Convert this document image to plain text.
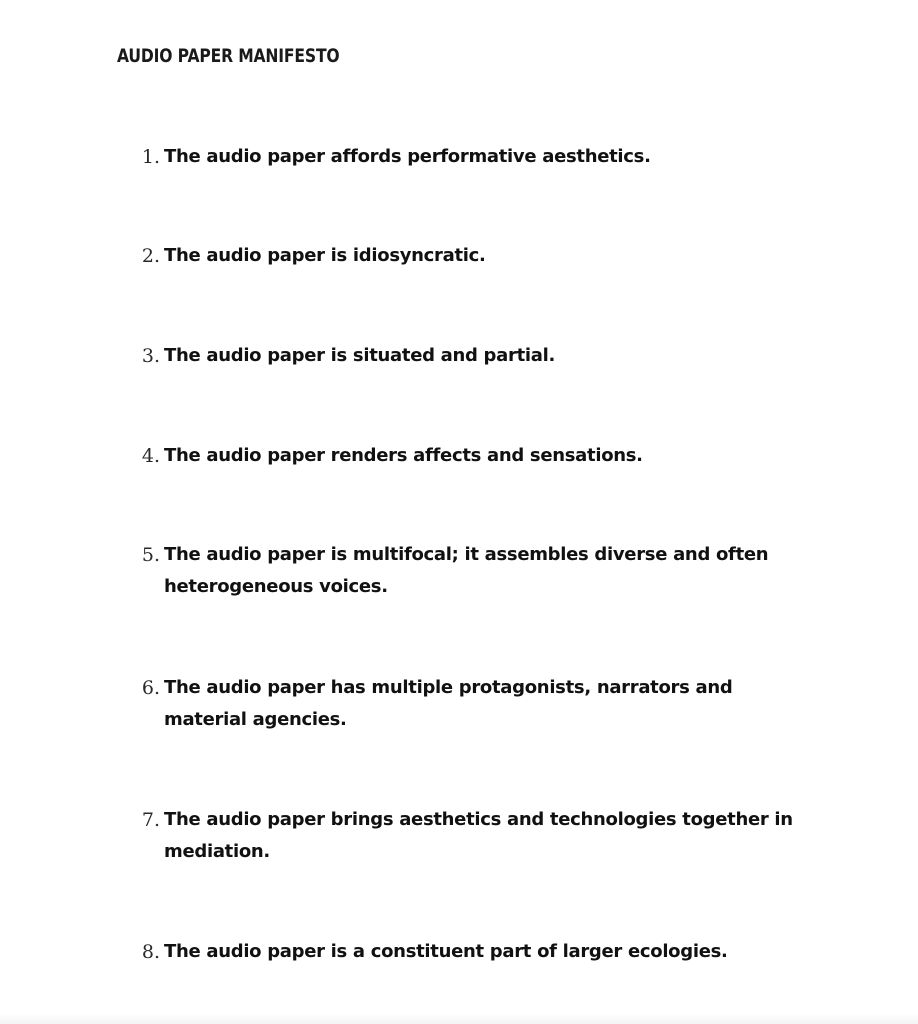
AUDIO PAPER MANIFESTO
1. The audio paper affords performative aesthetics.
2. The audio paper is idiosyncratic.
3. The audio paper is situated and partial.
4. The audio paper renders affects and sensations.
5. The audio paper is multifocal; it assembles diverse and often heterogeneous voices.
6. The audio paper has multiple protagonists, narrators and material agencies.
7. The audio paper brings aesthetics and technologies together in mediation.
8. The audio paper is a constituent part of larger ecologies.
